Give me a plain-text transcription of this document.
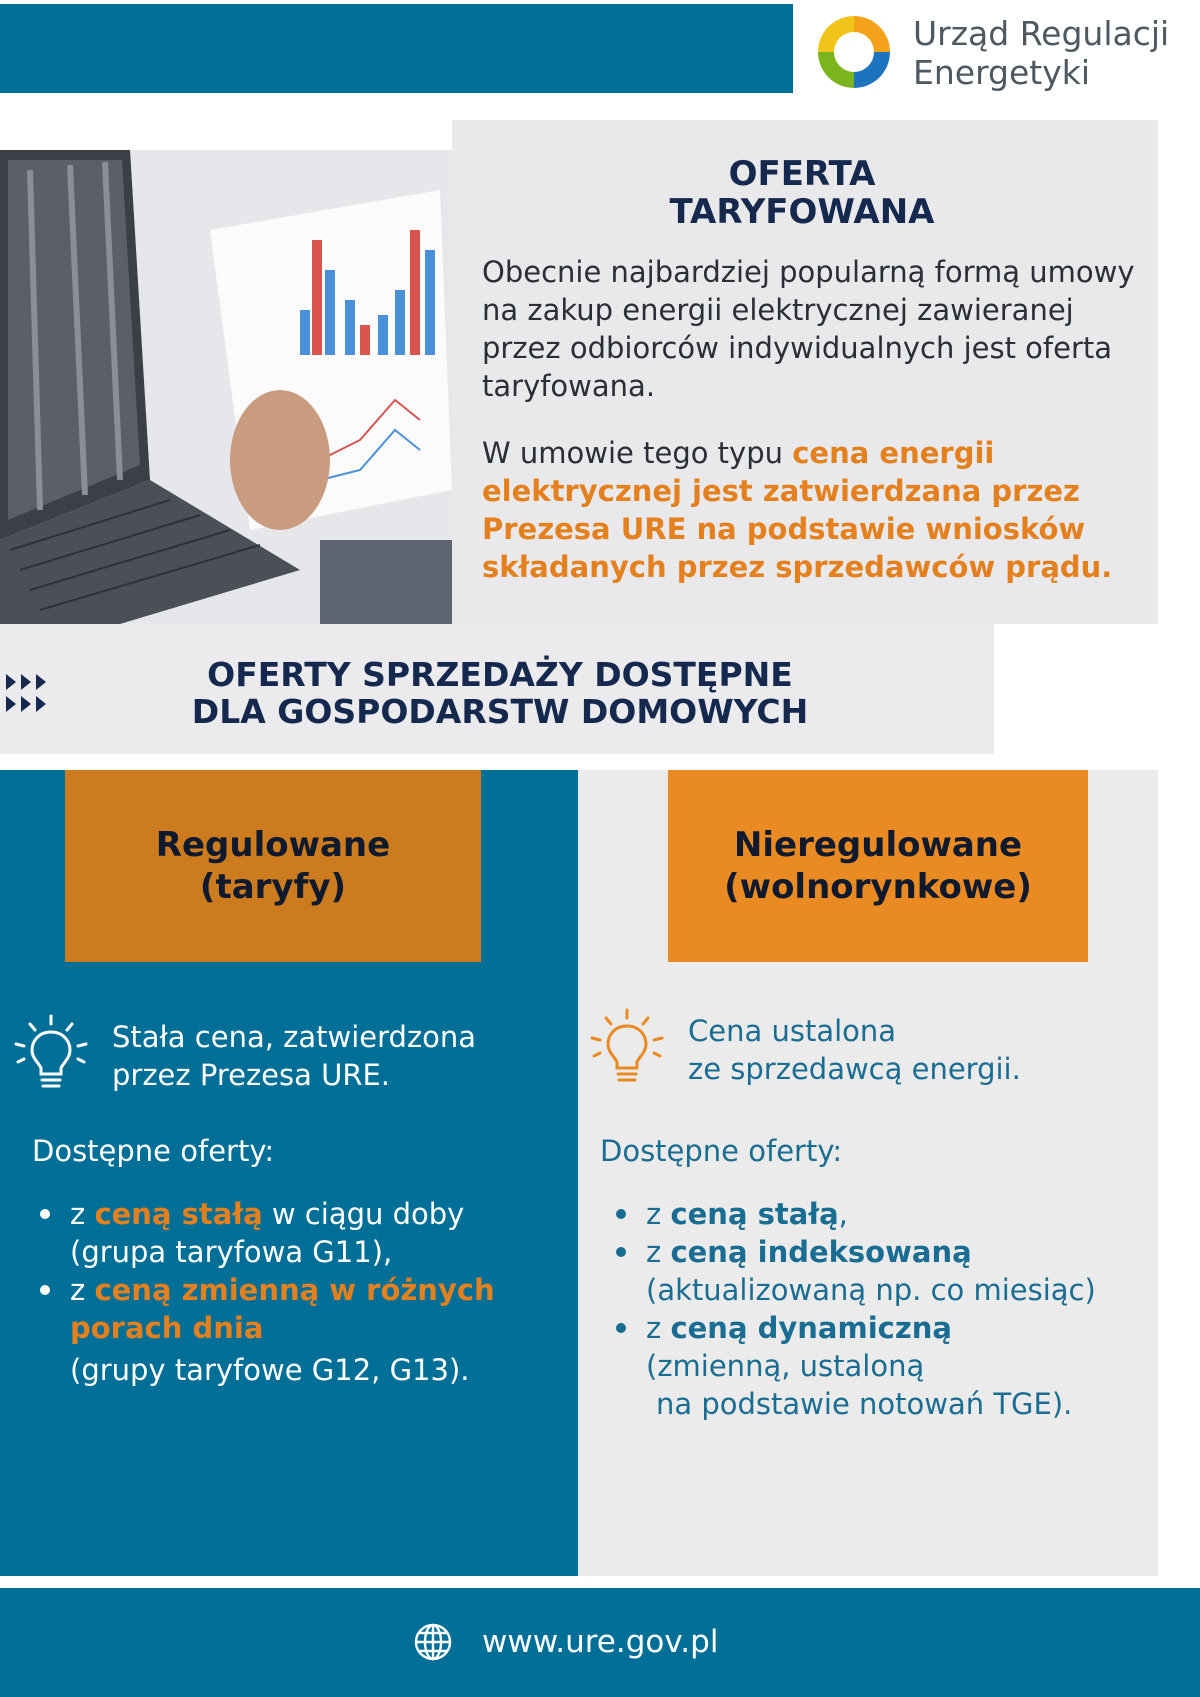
Urząd Regulacji
Energetyki
OFERTA
TARYFOWANA

Obecnie najbardziej popularną formą umowy na zakup energii elektrycznej zawieranej przez odbiorców indywidualnych jest oferta taryfowana.

W umowie tego typu cena energii elektrycznej jest zatwierdzana przez Prezesa URE na podstawie wniosków składanych przez sprzedawców prądu.

OFERTY SPRZEDAŻY DOSTĘPNE
DLA GOSPODARSTW DOMOWYCH
Regulowane
(taryfy)
Nieregulowane
(wolnorynkowe)
Stała cena, zatwierdzona
przez Prezesa URE.
Cena ustalona
ze sprzedawcą energii.
Dostępne oferty:	Dostępne oferty:
z ceną stałą w ciągu doby
(grupa taryfowa G11),
z ceną zmienną w różnych porach dnia
(grupy taryfowe G12, G13).
z ceną stałą,
z ceną indeksowaną
(aktualizowaną np. co miesiąc)
z ceną dynamiczną
(zmienną, ustaloną
na podstawie notowań TGE).
www.ure.gov.pl
